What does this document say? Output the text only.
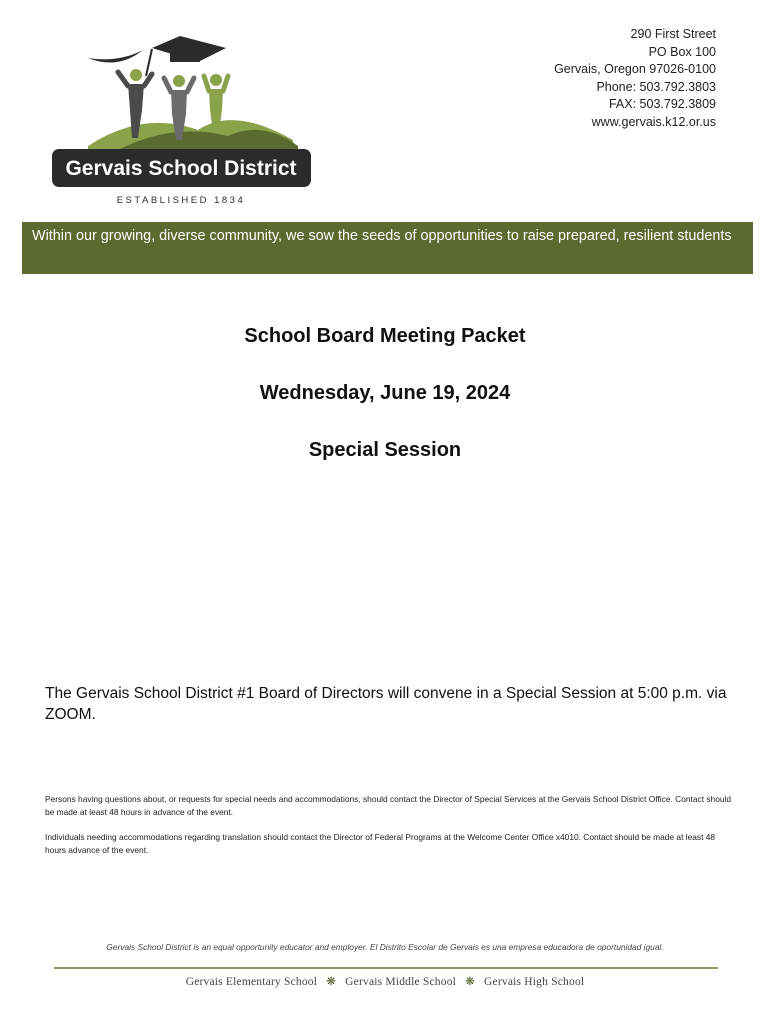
Gervais School District
ESTABLISHED 1834
290 First Street
PO Box 100
Gervais, Oregon 97026-0100
Phone: 503.792.3803
FAX: 503.792.3809
www.gervais.k12.or.us
Within our growing, diverse community, we sow the seeds of opportunities to raise prepared, resilient students
School Board Meeting Packet
Wednesday, June 19, 2024
Special Session
The Gervais School District #1 Board of Directors will convene in a Special Session at 5:00 p.m. via ZOOM.
Persons having questions about, or requests for special needs and accommodations, should contact the Director of Special Services at the Gervais School District Office. Contact should be made at least 48 hours in advance of the event.
Individuals needing accommodations regarding translation should contact the Director of Federal Programs at the Welcome Center Office x4010. Contact should be made at least 48 hours advance of the event.
Gervais School District is an equal opportunity educator and employer. El Distrito Escolar de Gervais es una empresa educadora de oportunidad igual.
Gervais Elementary School ❋ Gervais Middle School ❋ Gervais High School
